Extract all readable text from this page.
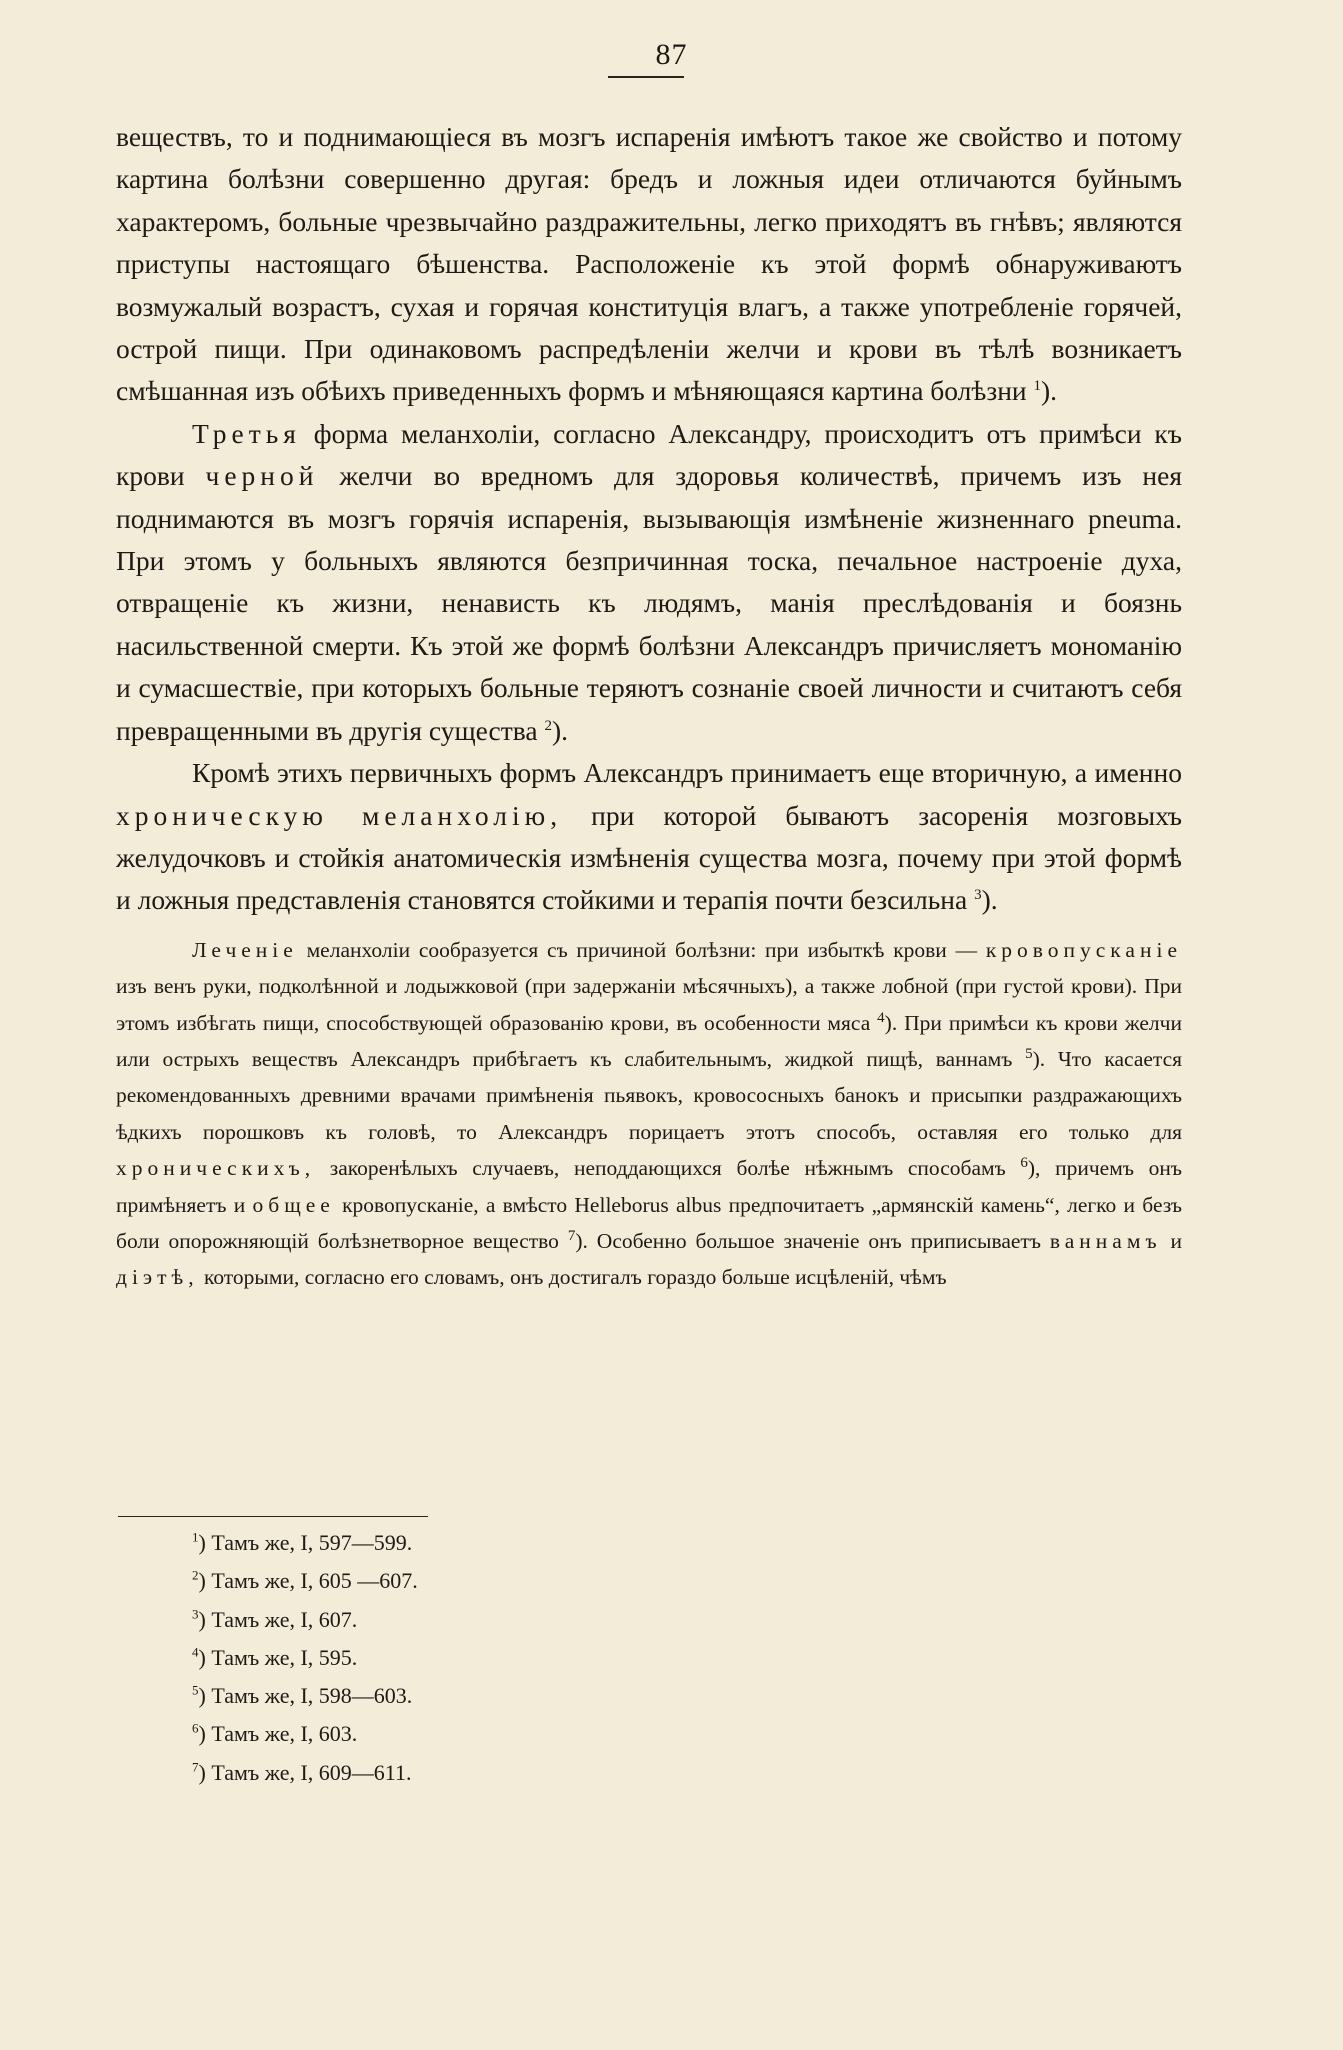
87

веществъ, то и поднимающіеся въ мозгъ испаренія имѣютъ такое же свойство и потому картина болѣзни совершенно другая: бредъ и ложныя идеи отличаются буйнымъ характеромъ, больные чрезвычайно раздражительны, легко приходятъ въ гнѣвъ; являются приступы настоящаго бѣшенства. Расположеніе къ этой формѣ обнаруживаютъ возмужалый возрастъ, сухая и горячая конституція влагъ, а также употребленіе горячей, острой пищи. При одинаковомъ распредѣленіи желчи и крови въ тѣлѣ возникаетъ смѣшанная изъ обѣихъ приведенныхъ формъ и мѣняющаяся картина болѣзни $^1$).

Третья форма меланхоліи, согласно Александру, происходитъ отъ примѣси къ крови черной желчи во вредномъ для здоровья количествѣ, причемъ изъ нея поднимаются въ мозгъ горячія испаренія, вызывающія измѣненіе жизненнаго pneuma. При этомъ у больныхъ являются безпричинная тоска, печальное настроеніе духа, отвращеніе къ жизни, ненависть къ людямъ, манія преслѣдованія и боязнь насильственной смерти. Къ этой же формѣ болѣзни Александръ причисляетъ мономанію и сумасшествіе, при которыхъ больные теряютъ сознаніе своей личности и считаютъ себя превращенными въ другія существа $^2$).

Кромѣ этихъ первичныхъ формъ Александръ принимаетъ еще вторичную, а именно хроническую меланхолію, при которой бываютъ засоренія мозговыхъ желудочковъ и стойкія анатомическія измѣненія существа мозга, почему при этой формѣ и ложныя представленія становятся стойкими и терапія почти безсильна $^3$).

Леченіе меланхоліи сообразуется съ причиной болѣзни: при избыткѣ крови — кровопусканіе изъ венъ руки, подколѣнной и лодыжковой (при задержаніи мѣсячныхъ), а также лобной (при густой крови). При этомъ избѣгать пищи, способствующей образованію крови, въ особенности мяса $^4$). При примѣси къ крови желчи или острыхъ веществъ Александръ прибѣгаетъ къ слабительнымъ, жидкой пищѣ, ваннамъ $^5$). Что касается рекомендованныхъ древними врачами примѣненія пьявокъ, кровососныхъ банокъ и присыпки раздражающихъ ѣдкихъ порошковъ къ головѣ, то Александръ порицаетъ этотъ способъ, оставляя его только для хроническихъ, закоренѣлыхъ случаевъ, неподдающихся болѣе нѣжнымъ способамъ $^6$), причемъ онъ примѣняетъ и общее кровопусканіе, а вмѣсто Helleborus albus предпочитаетъ „армянскій камень“, легко и безъ боли опорожняющій болѣзнетворное вещество $^7$). Особенно большое значеніе онъ приписываетъ ваннамъ и діэтѣ, которыми, согласно его словамъ, онъ достигалъ гораздо больше исцѣленій, чѣмъ

$^1$) Тамъ же, I, 597—599.
$^2$) Тамъ же, I, 605 —607.
$^3$) Тамъ же, I, 607.
$^4$) Тамъ же, I, 595.
$^5$) Тамъ же, I, 598—603.
$^6$) Тамъ же, I, 603.
$^7$) Тамъ же, I, 609—611.
